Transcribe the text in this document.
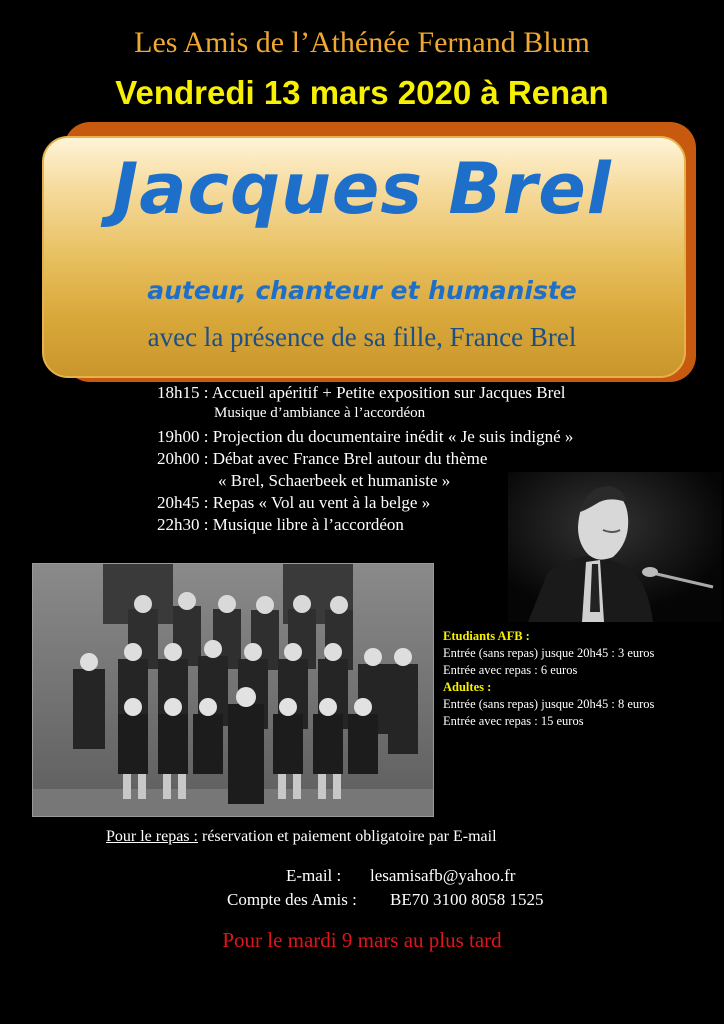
Les Amis de l’Athénée Fernand Blum
Vendredi 13 mars 2020 à Renan
Jacques Brel
auteur, chanteur et humaniste
avec la présence de sa fille, France Brel
18h15 : Accueil apéritif + Petite exposition sur Jacques Brel
Musique d’ambiance à l’accordéon
19h00 : Projection du documentaire inédit « Je suis indigné »
20h00 : Débat avec France Brel autour du thème
« Brel, Schaerbeek et humaniste »
20h45 : Repas « Vol au vent à la belge »
22h30 : Musique libre à l’accordéon
Etudiants AFB :
Entrée (sans repas) jusque 20h45 : 3 euros
Entrée avec repas : 6 euros
Adultes :
Entrée (sans repas) jusque 20h45 : 8 euros
Entrée avec repas : 15 euros
Pour le repas : réservation et paiement obligatoire par E-mail
E-mail : lesamisafb@yahoo.fr
Compte des Amis : BE70 3100 8058 1525
Pour le mardi 9 mars au plus tard
